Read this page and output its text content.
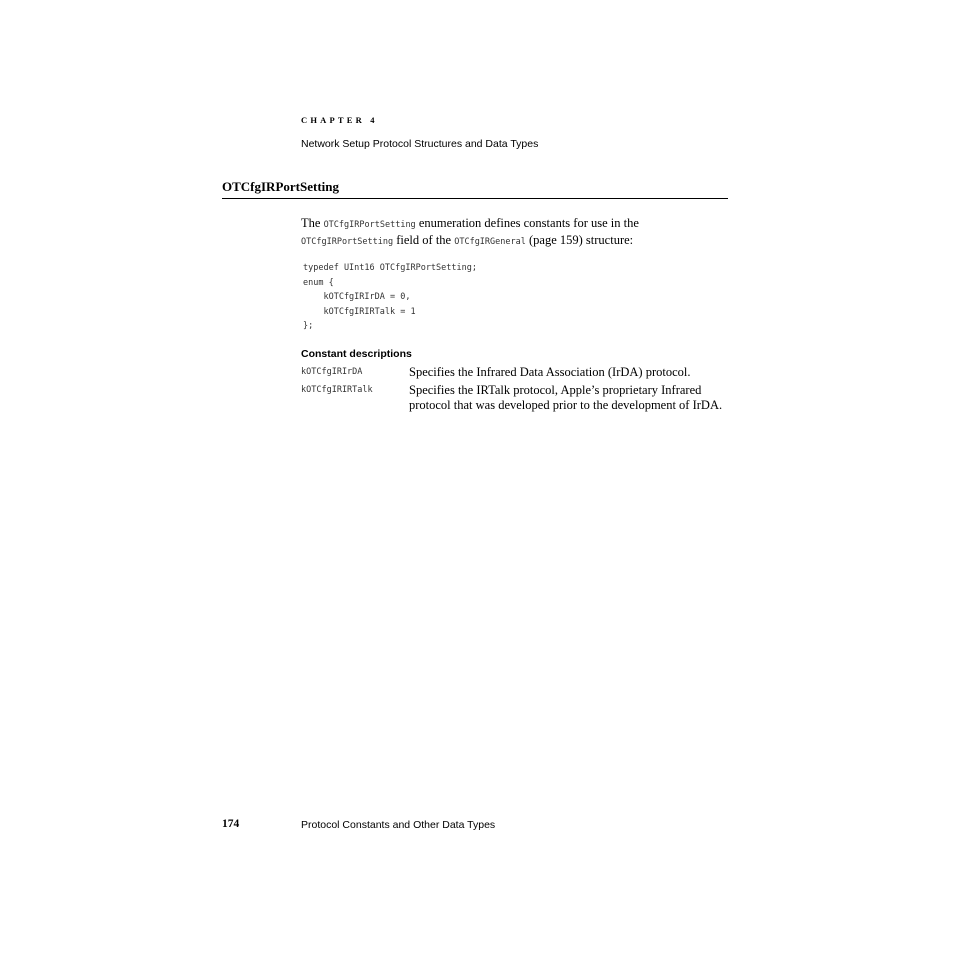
CHAPTER 4
Network Setup Protocol Structures and Data Types
OTCfgIRPortSetting
The OTCfgIRPortSetting enumeration defines constants for use in the OTCfgIRPortSetting field of the OTCfgIRGeneral (page 159) structure:
typedef UInt16 OTCfgIRPortSetting;
enum {
kOTCfgIRIrDA = 0,
kOTCfgIRIRTalk = 1
};
Constant descriptions
kOTCfgIRIrDA	Specifies the Infrared Data Association (IrDA) protocol.
kOTCfgIRIRTalk	Specifies the IRTalk protocol, Apple’s proprietary Infrared protocol that was developed prior to the development of IrDA.
174	Protocol Constants and Other Data Types
